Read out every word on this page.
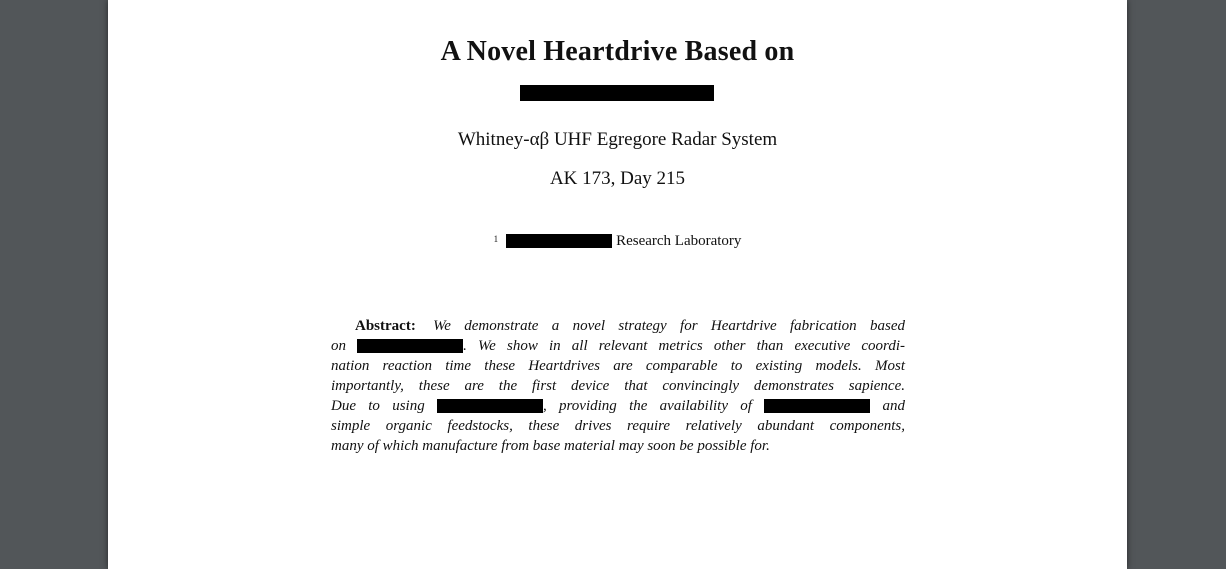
A Novel Heartdrive Based on
Whitney-αβ UHF Egregore Radar System
AK 173, Day 215
$^1$	Research Laboratory
Abstract: We demonstrate a novel strategy for Heartdrive fabrication based
on	. We show in all relevant metrics other than executive coordi-
nation reaction time these Heartdrives are comparable to existing models. Most
importantly, these are the first device that convincingly demonstrates sapience.
Due to using	, providing the availability of	and
simple organic feedstocks, these drives require relatively abundant components,
many of which manufacture from base material may soon be possible for.
